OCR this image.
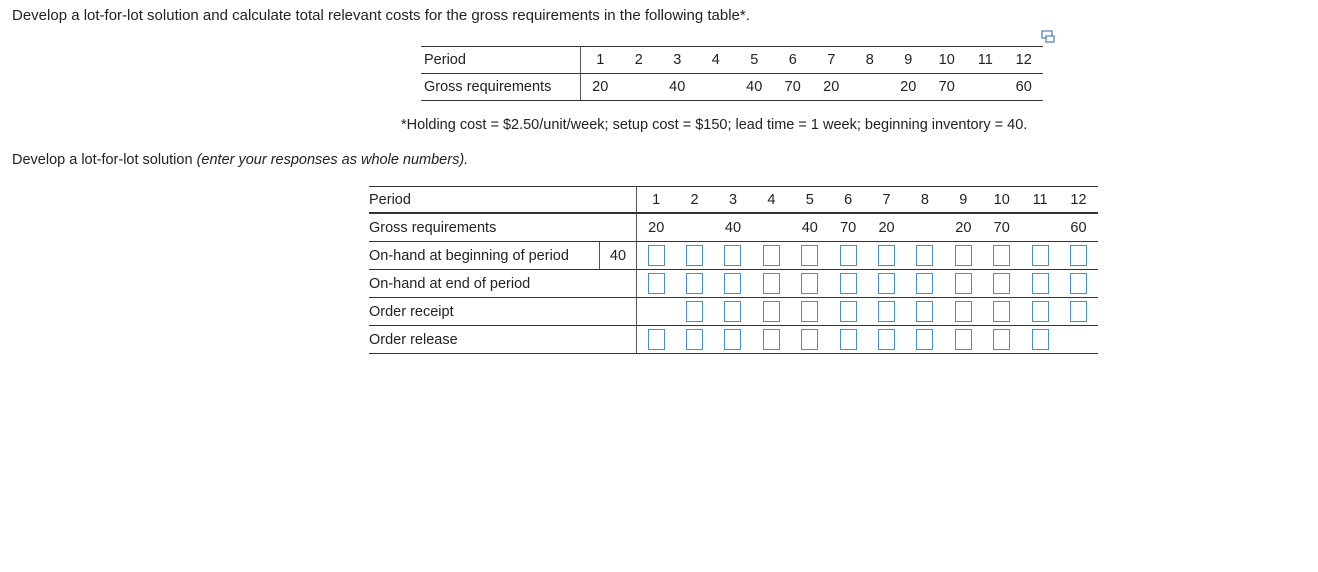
Develop a lot-for-lot solution and calculate total relevant costs for the gross requirements in the following table*.
Period	1	2	3	4	5	6	7	8	9	10	11	12
Gross requirements	20		40		40	70	20		20	70		60
*Holding cost = $2.50/unit/week; setup cost = $150; lead time = 1 week; beginning inventory = 40.
Develop a lot-for-lot solution (enter your responses as whole numbers).
Period		1	2	3	4	5	6	7	8	9	10	11	12
Gross requirements		20		40		40	70	20		20	70		60
On-hand at beginning of period	40												
On-hand at end of period													
Order receipt													
Order release													
